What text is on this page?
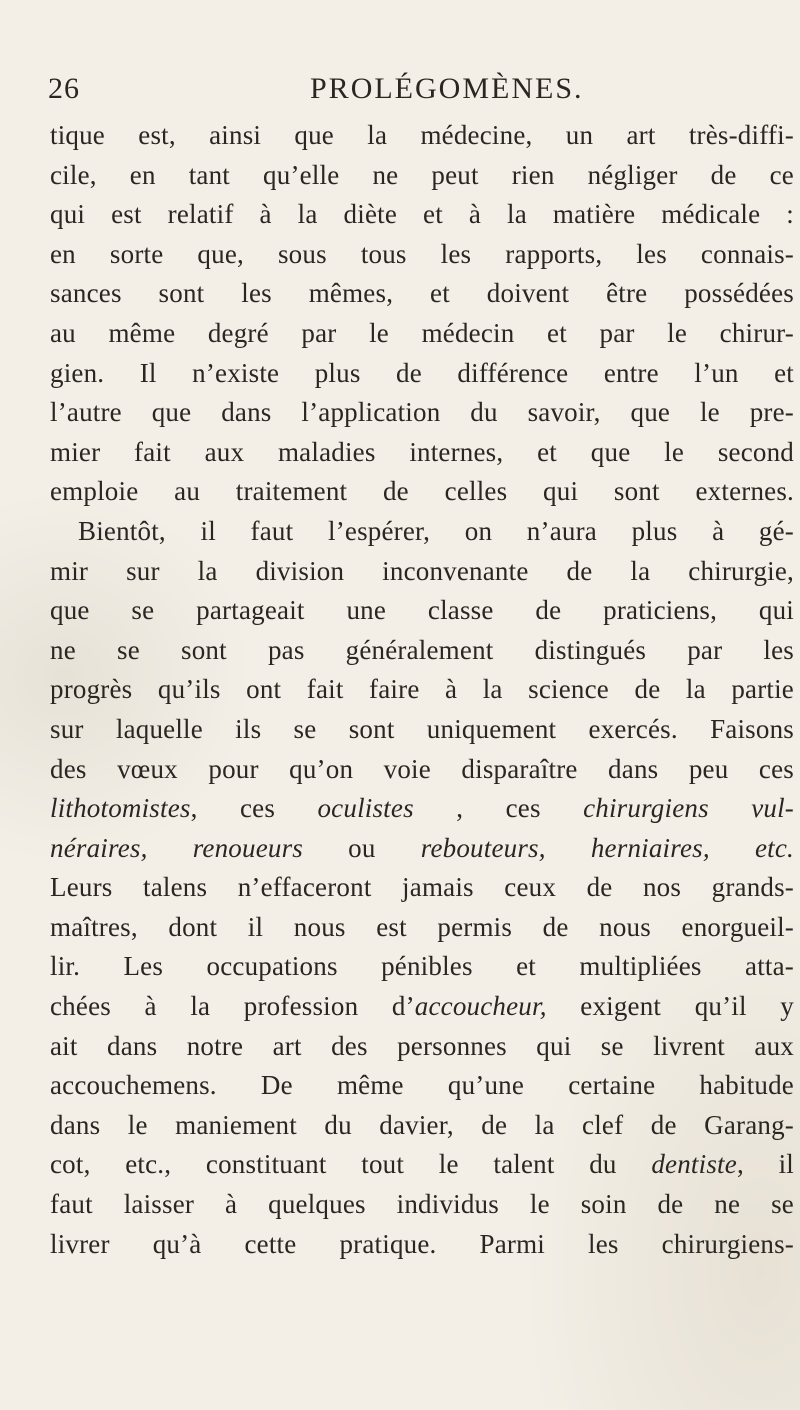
26	PROLÉGOMÈNES.
tique est, ainsi que la médecine, un art très-diffi-
cile, en tant qu’elle ne peut rien négliger de ce
qui est relatif à la diète et à la matière médicale :
en sorte que, sous tous les rapports, les connais-
sances sont les mêmes, et doivent être possédées
au même degré par le médecin et par le chirur-
gien. Il n’existe plus de différence entre l’un et
l’autre que dans l’application du savoir, que le pre-
mier fait aux maladies internes, et que le second
emploie au traitement de celles qui sont externes.
Bientôt, il faut l’espérer, on n’aura plus à gé-
mir sur la division inconvenante de la chirurgie,
que se partageait une classe de praticiens, qui
ne se sont pas généralement distingués par les
progrès qu’ils ont fait faire à la science de la partie
sur laquelle ils se sont uniquement exercés. Faisons
des vœux pour qu’on voie disparaître dans peu ces
lithotomistes, ces oculistes , ces chirurgiens vul-
néraires, renoueurs ou rebouteurs, herniaires, etc.
Leurs talens n’effaceront jamais ceux de nos grands-
maîtres, dont il nous est permis de nous enorgueil-
lir. Les occupations pénibles et multipliées atta-
chées à la profession d’accoucheur, exigent qu’il y
ait dans notre art des personnes qui se livrent aux
accouchemens. De même qu’une certaine habitude
dans le maniement du davier, de la clef de Garang-
cot, etc., constituant tout le talent du dentiste, il
faut laisser à quelques individus le soin de ne se
livrer qu’à cette pratique. Parmi les chirurgiens-
